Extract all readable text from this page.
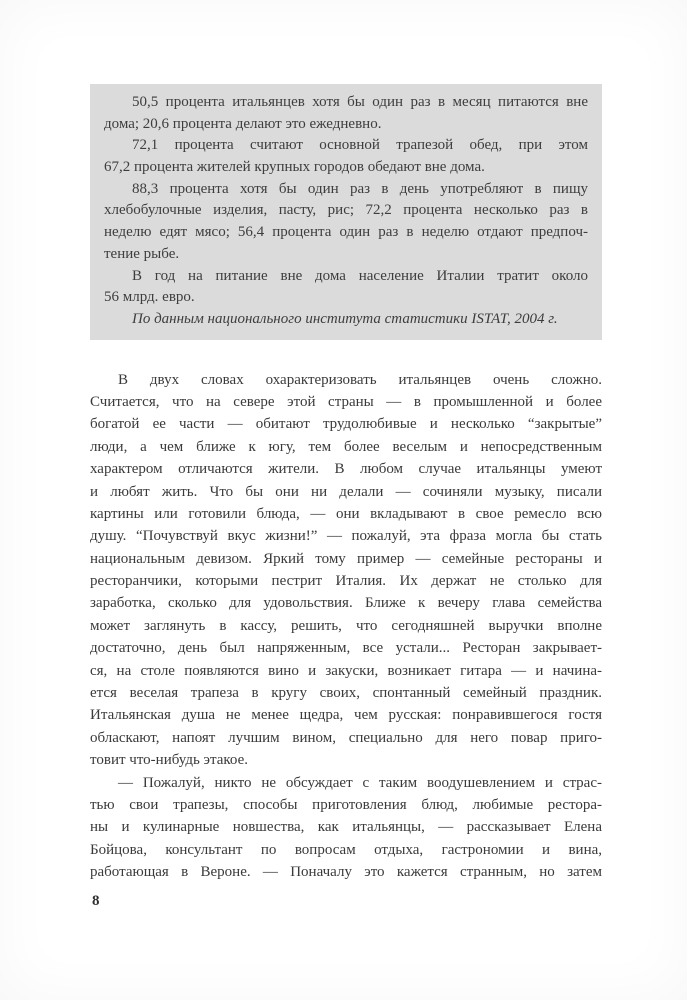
50,5 процента итальянцев хотя бы один раз в месяц питаются вне
дома; 20,6 процента делают это ежедневно.
72,1 процента считают основной трапезой обед, при этом
67,2 процента жителей крупных городов обедают вне дома.
88,3 процента хотя бы один раз в день употребляют в пищу
хлебобулочные изделия, пасту, рис; 72,2 процента несколько раз в
неделю едят мясо; 56,4 процента один раз в неделю отдают предпоч-
тение рыбе.
В год на питание вне дома население Италии тратит около
56 млрд. евро.
По данным национального института статистики ISTAT, 2004 г.
В двух словах охарактеризовать итальянцев очень сложно.
Считается, что на севере этой страны — в промышленной и более
богатой ее части — обитают трудолюбивые и несколько “закрытые”
люди, а чем ближе к югу, тем более веселым и непосредственным
характером отличаются жители. В любом случае итальянцы умеют
и любят жить. Что бы они ни делали — сочиняли музыку, писали
картины или готовили блюда, — они вкладывают в свое ремесло всю
душу. “Почувствуй вкус жизни!” — пожалуй, эта фраза могла бы стать
национальным девизом. Яркий тому пример — семейные рестораны и
ресторанчики, которыми пестрит Италия. Их держат не столько для
заработка, сколько для удовольствия. Ближе к вечеру глава семейства
может заглянуть в кассу, решить, что сегодняшней выручки вполне
достаточно, день был напряженным, все устали... Ресторан закрывает-
ся, на столе появляются вино и закуски, возникает гитара — и начина-
ется веселая трапеза в кругу своих, спонтанный семейный праздник.
Итальянская душа не менее щедра, чем русская: понравившегося гостя
обласкают, напоят лучшим вином, специально для него повар приго-
товит что-нибудь этакое.
— Пожалуй, никто не обсуждает с таким воодушевлением и страс-
тью свои трапезы, способы приготовления блюд, любимые рестора-
ны и кулинарные новшества, как итальянцы, — рассказывает Елена
Бойцова, консультант по вопросам отдыха, гастрономии и вина,
работающая в Вероне. — Поначалу это кажется странным, но затем
8
